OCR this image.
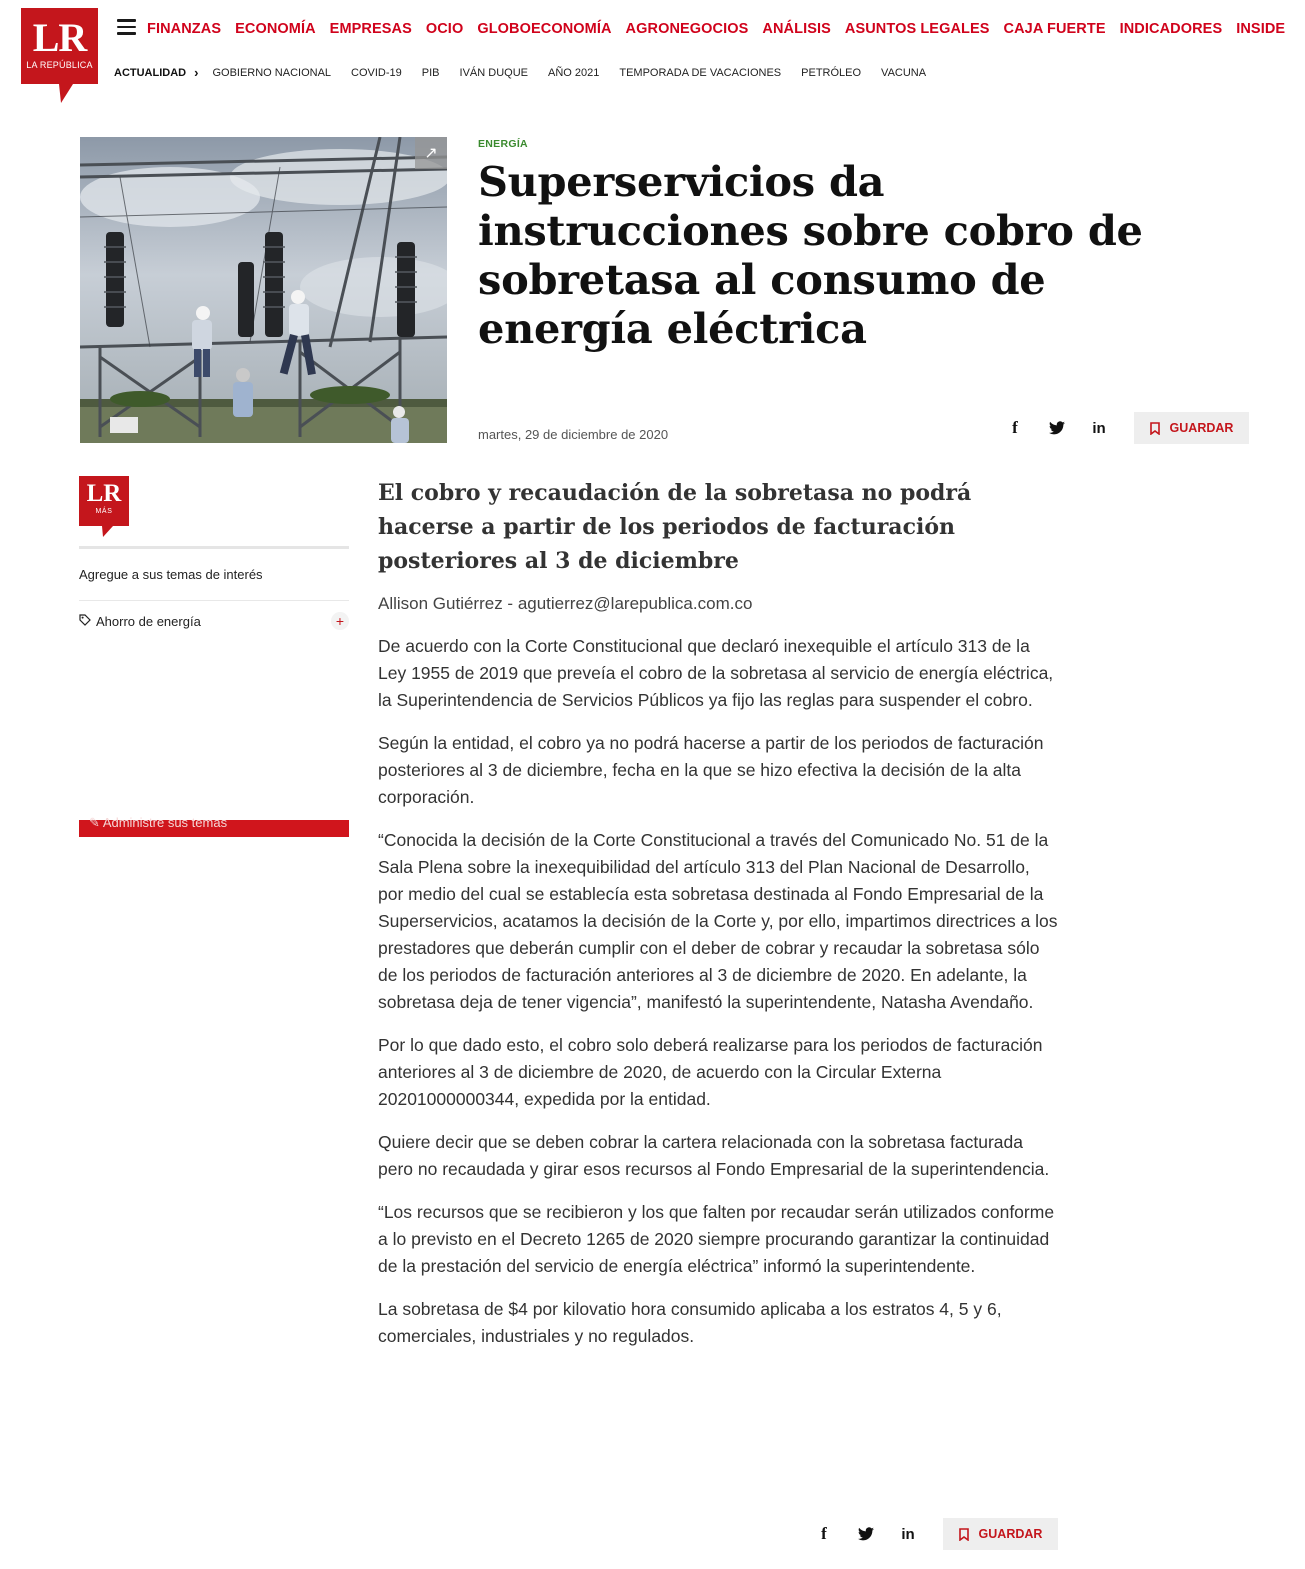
LR
LA REPÚBLICA
FINANZAS ECONOMÍA EMPRESAS OCIO GLOBOECONOMÍA AGRONEGOCIOS ANÁLISIS ASUNTOS LEGALES CAJA FUERTE INDICADORES INSIDE
ACTUALIDAD › GOBIERNO NACIONAL COVID-19 PIB IVÁN DUQUE AÑO 2021 TEMPORADA DE VACACIONES PETRÓLEO VACUNA
↗
ENERGÍA
Superservicios da instrucciones sobre cobro de sobretasa al consumo de energía eléctrica
martes, 29 de diciembre de 2020	f	in	GUARDAR
LR
MÁS
Agregue a sus temas de interés
Ahorro de energía	+
✎ Administre sus temas
El cobro y recaudación de la sobretasa no podrá hacerse a partir de los periodos de facturación posteriores al 3 de diciembre
Allison Gutiérrez - agutierrez@larepublica.com.co

De acuerdo con la Corte Constitucional que declaró inexequible el artículo 313 de la Ley 1955 de 2019 que preveía el cobro de la sobretasa al servicio de energía eléctrica, la Superintendencia de Servicios Públicos ya fijo las reglas para suspender el cobro.

Según la entidad, el cobro ya no podrá hacerse a partir de los periodos de facturación posteriores al 3 de diciembre, fecha en la que se hizo efectiva la decisión de la alta corporación.

“Conocida la decisión de la Corte Constitucional a través del Comunicado No. 51 de la Sala Plena sobre la inexequibilidad del artículo 313 del Plan Nacional de Desarrollo, por medio del cual se establecía esta sobretasa destinada al Fondo Empresarial de la Superservicios, acatamos la decisión de la Corte y, por ello, impartimos directrices a los prestadores que deberán cumplir con el deber de cobrar y recaudar la sobretasa sólo de los periodos de facturación anteriores al 3 de diciembre de 2020. En adelante, la sobretasa deja de tener vigencia”, manifestó la superintendente, Natasha Avendaño.

Por lo que dado esto, el cobro solo deberá realizarse para los periodos de facturación anteriores al 3 de diciembre de 2020, de acuerdo con la Circular Externa 20201000000344, expedida por la entidad.

Quiere decir que se deben cobrar la cartera relacionada con la sobretasa facturada pero no recaudada y girar esos recursos al Fondo Empresarial de la superintendencia.

“Los recursos que se recibieron y los que falten por recaudar serán utilizados conforme a lo previsto en el Decreto 1265 de 2020 siempre procurando garantizar la continuidad de la prestación del servicio de energía eléctrica” informó la superintendente.

La sobretasa de $4 por kilovatio hora consumido aplicaba a los estratos 4, 5 y 6, comerciales, industriales y no regulados.

f	in	GUARDAR
